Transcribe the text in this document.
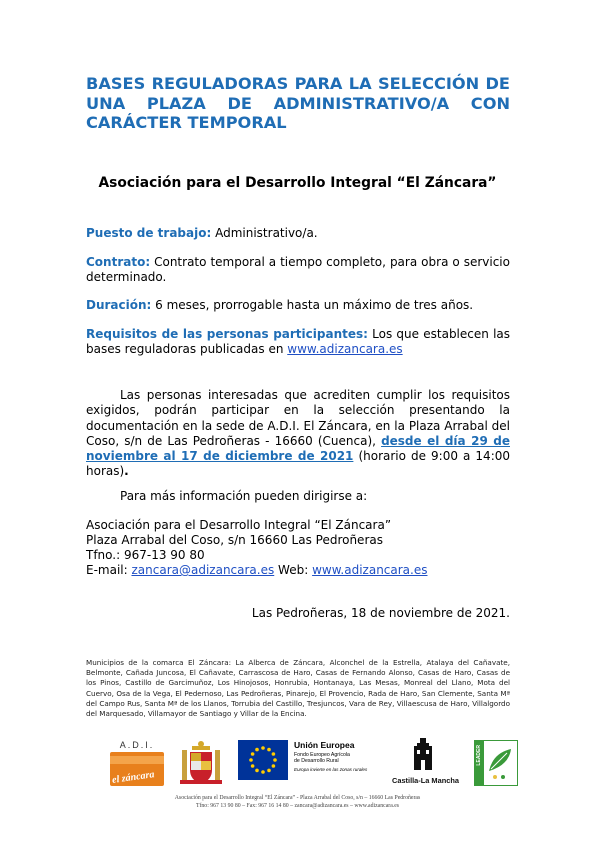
BASES REGULADORAS PARA LA SELECCIÓN DE UNA PLAZA DE ADMINISTRATIVO/A CON CARÁCTER TEMPORAL
Asociación para el Desarrollo Integral “El Záncara”
Puesto de trabajo: Administrativo/a.
Contrato: Contrato temporal a tiempo completo, para obra o servicio determinado.
Duración: 6 meses, prorrogable hasta un máximo de tres años.
Requisitos de las personas participantes: Los que establecen las bases reguladoras publicadas en www.adizancara.es
Las personas interesadas que acrediten cumplir los requisitos exigidos, podrán participar en la selección presentando la documentación en la sede de A.D.I. El Záncara, en la Plaza Arrabal del Coso, s/n de Las Pedroñeras - 16660 (Cuenca), desde el día 29 de noviembre al 17 de diciembre de 2021 (horario de 9:00 a 14:00 horas).
Para más información pueden dirigirse a:
Asociación para el Desarrollo Integral “El Záncara”
Plaza Arrabal del Coso, s/n 16660 Las Pedroñeras
Tfno.: 967-13 90 80
E-mail: zancara@adizancara.es Web: www.adizancara.es
Las Pedroñeras, 18 de noviembre de 2021.
Municipios de la comarca El Záncara: La Alberca de Záncara, Alconchel de la Estrella, Atalaya del Cañavate, Belmonte, Cañada Juncosa, El Cañavate, Carrascosa de Haro, Casas de Fernando Alonso, Casas de Haro, Casas de los Pinos, Castillo de Garcimuñoz, Los Hinojosos, Honrubia, Hontanaya, Las Mesas, Monreal del Llano, Mota del Cuervo, Osa de la Vega, El Pedernoso, Las Pedroñeras, Pinarejo, El Provencio, Rada de Haro, San Clemente, Santa Mª del Campo Rus, Santa Mª de los Llanos, Torrubia del Castillo, Tresjuncos, Vara de Rey, Villaescusa de Haro, Villalgordo del Marquesado, Villamayor de Santiago y Villar de la Encina.
A.D.I.
el záncara
Unión Europea
Fondo Europeo Agrícola
de Desarrollo Rural
Europa invierte en las zonas rurales
Castilla-La Mancha
LEADER
Asociación para el Desarrollo Integral “El Záncara” - Plaza Arrabal del Coso, s/n – 16660 Las Pedroñeras
Tfno: 967 13 90 80 – Fax: 967 16 14 80 – zancara@adizancara.es – www.adizancara.es
